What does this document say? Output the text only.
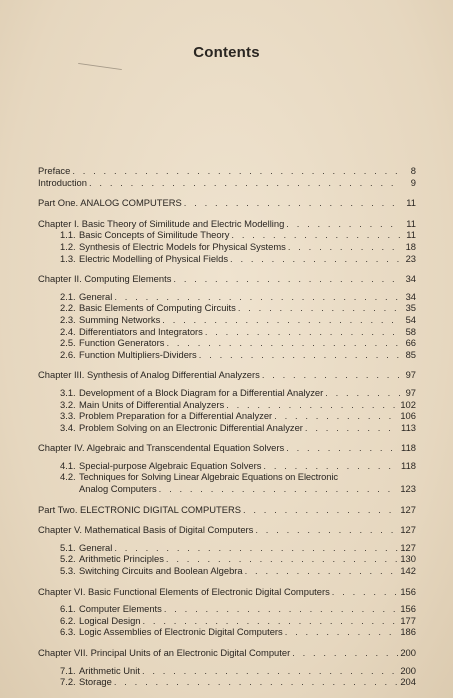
Contents
Preface . . .	8
Introduction . . .	9
Part One. ANALOG COMPUTERS . . .	11
Chapter I. Basic Theory of Similitude and Electric Modelling . . .	11
1.1. Basic Concepts of Similitude Theory . . .	11
1.2. Synthesis of Electric Models for Physical Systems . . .	18
1.3. Electric Modelling of Physical Fields . . .	23
Chapter II. Computing Elements . . .	34
2.1. General . . .	34
2.2. Basic Elements of Computing Circuits . . .	35
2.3. Summing Networks . . .	54
2.4. Differentiators and Integrators . . .	58
2.5. Function Generators . . .	66
2.6. Function Multipliers-Dividers . . .	85
Chapter III. Synthesis of Analog Differential Analyzers . . .	97
3.1. Development of a Block Diagram for a Differential Analyzer . . .	97
3.2. Main Units of Differential Analyzers . . .	102
3.3. Problem Preparation for a Differential Analyzer . . .	106
3.4. Problem Solving on an Electronic Differential Analyzer . . .	113
Chapter IV. Algebraic and Transcendental Equation Solvers . . .	118
4.1. Special-purpose Algebraic Equation Solvers . . .	118
4.2. Techniques for Solving Linear Algebraic Equations on Electronic
Analog Computers . . .	123
Part Two. ELECTRONIC DIGITAL COMPUTERS . . .	127
Chapter V. Mathematical Basis of Digital Computers . . .	127
5.1. General . . .	127
5.2. Arithmetic Principles . . .	130
5.3. Switching Circuits and Boolean Algebra . . .	142
Chapter VI. Basic Functional Elements of Electronic Digital Computers . . .	156
6.1. Computer Elements . . .	156
6.2. Logical Design . . .	177
6.3. Logic Assemblies of Electronic Digital Computers . . .	186
Chapter VII. Principal Units of an Electronic Digital Computer . . .	200
7.1. Arithmetic Unit . . .	200
7.2. Storage . . .	204
